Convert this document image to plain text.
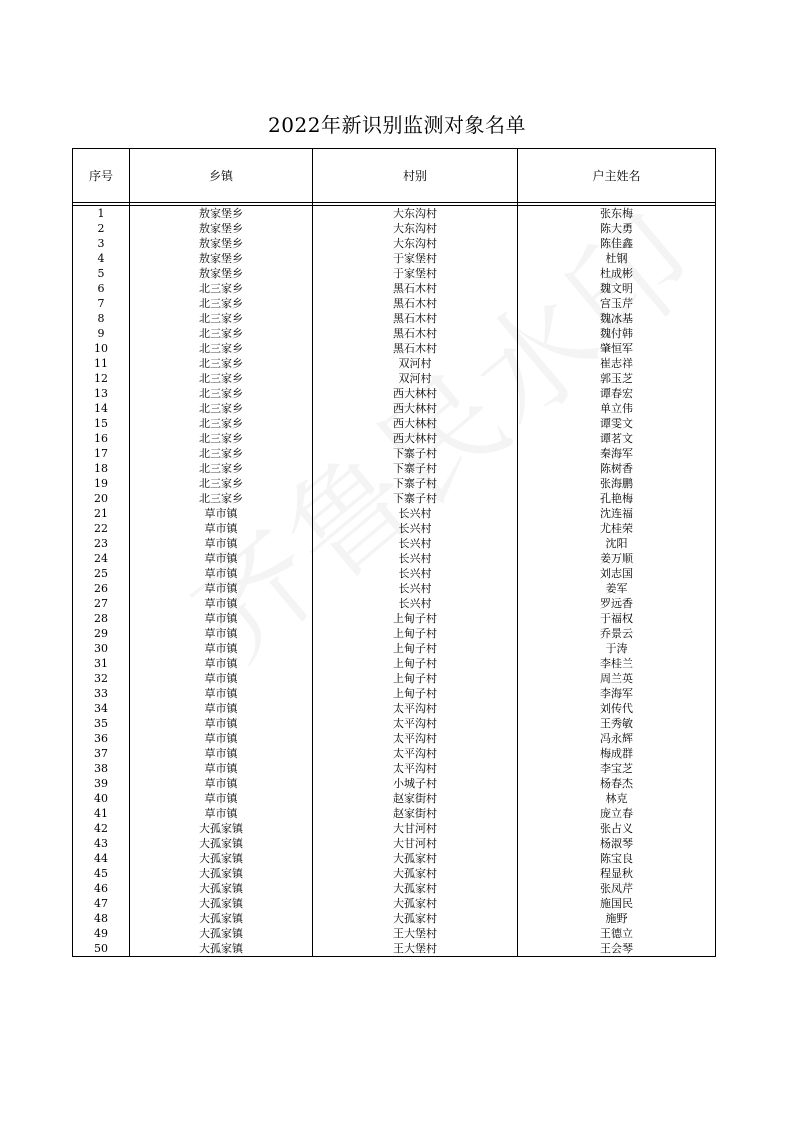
2022年新识别监测对象名单
序号	乡镇	村别	户主姓名

1	敖家堡乡	大东沟村	张东梅
2	敖家堡乡	大东沟村	陈大勇
3	敖家堡乡	大东沟村	陈佳鑫
4	敖家堡乡	于家堡村	杜钢
5	敖家堡乡	于家堡村	杜成彬
6	北三家乡	黑石木村	魏文明
7	北三家乡	黑石木村	宫玉芹
8	北三家乡	黑石木村	魏冰基
9	北三家乡	黑石木村	魏付韩
10	北三家乡	黑石木村	肇恒军
11	北三家乡	双河村	崔志祥
12	北三家乡	双河村	郭玉芝
13	北三家乡	西大林村	谭春宏
14	北三家乡	西大林村	单立伟
15	北三家乡	西大林村	谭雯文
16	北三家乡	西大林村	谭茗文
17	北三家乡	下寨子村	秦海军
18	北三家乡	下寨子村	陈树香
19	北三家乡	下寨子村	张海鹏
20	北三家乡	下寨子村	孔艳梅
21	草市镇	长兴村	沈连福
22	草市镇	长兴村	尤桂荣
23	草市镇	长兴村	沈阳
24	草市镇	长兴村	姜万顺
25	草市镇	长兴村	刘志国
26	草市镇	长兴村	姜军
27	草市镇	长兴村	罗远香
28	草市镇	上甸子村	于福权
29	草市镇	上甸子村	乔景云
30	草市镇	上甸子村	于涛
31	草市镇	上甸子村	李桂兰
32	草市镇	上甸子村	周兰英
33	草市镇	上甸子村	李海军
34	草市镇	太平沟村	刘传代
35	草市镇	太平沟村	王秀敏
36	草市镇	太平沟村	冯永辉
37	草市镇	太平沟村	梅成群
38	草市镇	太平沟村	李宝芝
39	草市镇	小城子村	杨春杰
40	草市镇	赵家街村	林克
41	草市镇	赵家街村	庞立春
42	大孤家镇	大甘河村	张占义
43	大孤家镇	大甘河村	杨淑琴
44	大孤家镇	大孤家村	陈宝良
45	大孤家镇	大孤家村	程显秋
46	大孤家镇	大孤家村	张凤芹
47	大孤家镇	大孤家村	施国民
48	大孤家镇	大孤家村	施野
49	大孤家镇	王大堡村	王德立
50	大孤家镇	王大堡村	王会琴
